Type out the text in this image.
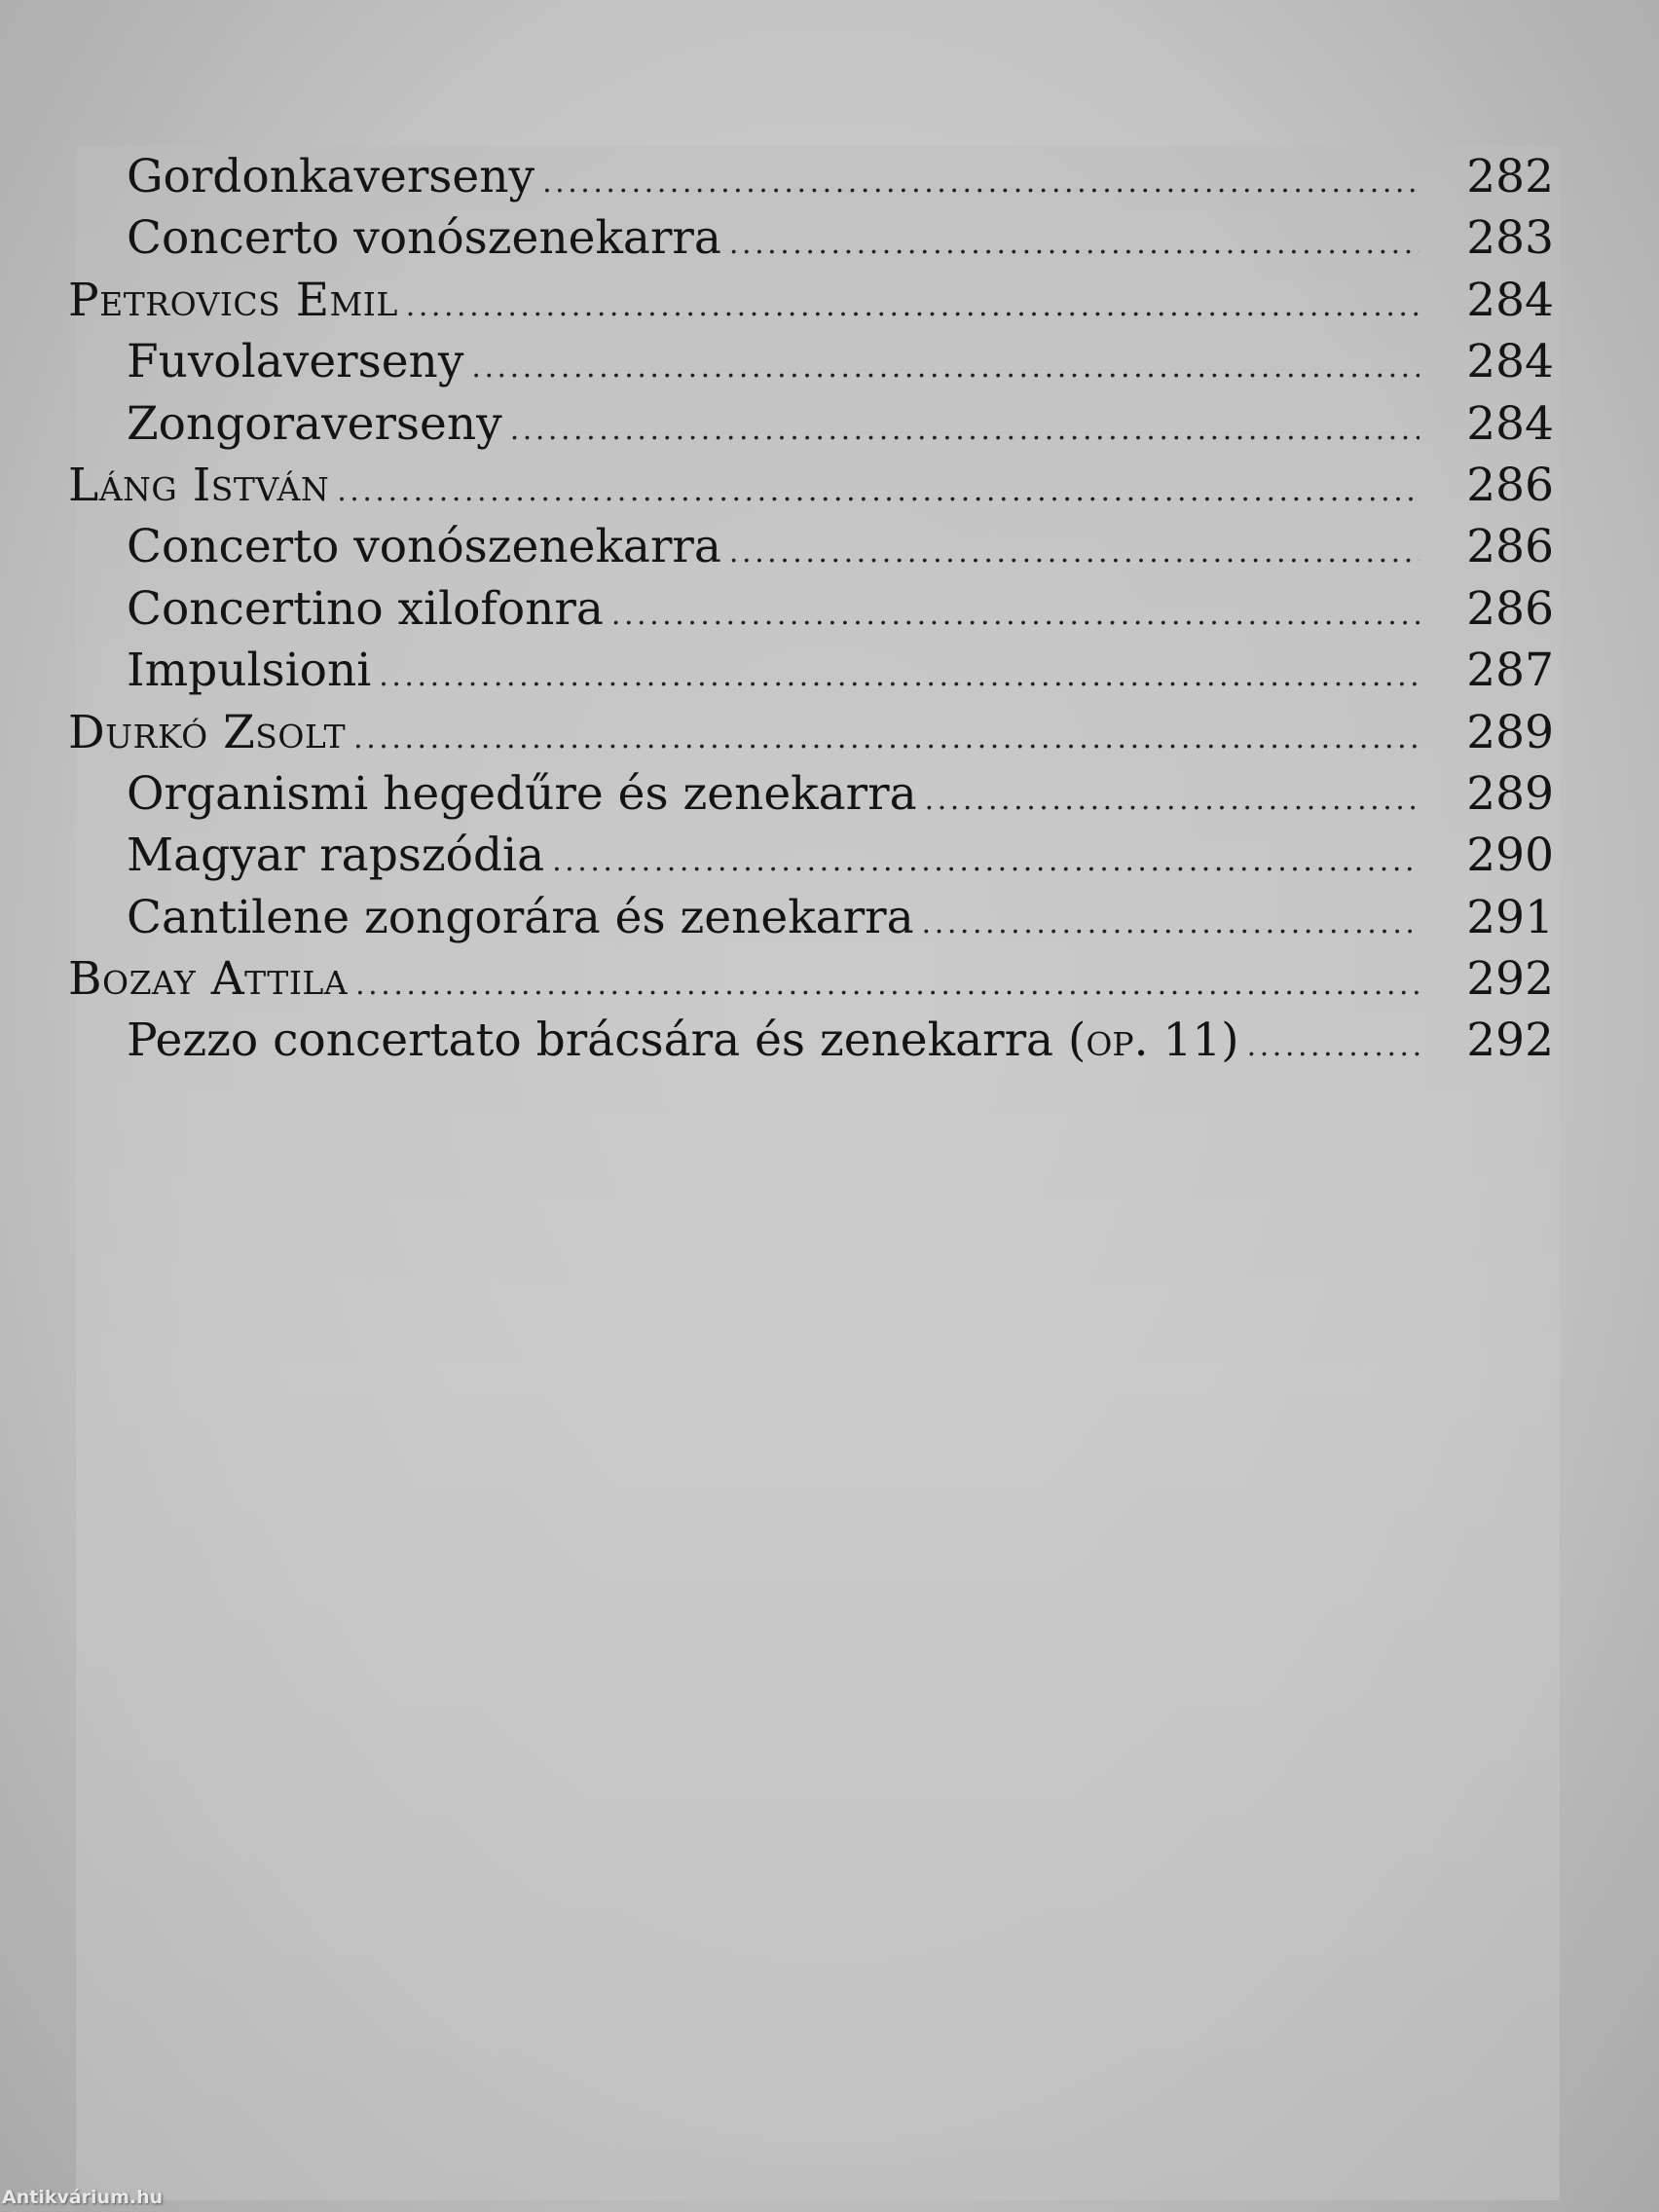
Gordonkaverseny . . .	282
Concerto vonószenekarra . . .	283
Petrovics Emil . . .	284
Fuvolaverseny . . .	284
Zongoraverseny . . .	284
Láng István . . .	286
Concerto vonószenekarra . . .	286
Concertino xilofonra . . .	286
Impulsioni . . .	287
Durkó Zsolt . . .	289
Organismi hegedűre és zenekarra . . .	289
Magyar rapszódia . . .	290
Cantilene zongorára és zenekarra . . .	291
Bozay Attila . . .	292
Pezzo concertato brácsára és zenekarra (op. 11) . . .	292
Antikvárium.hu
